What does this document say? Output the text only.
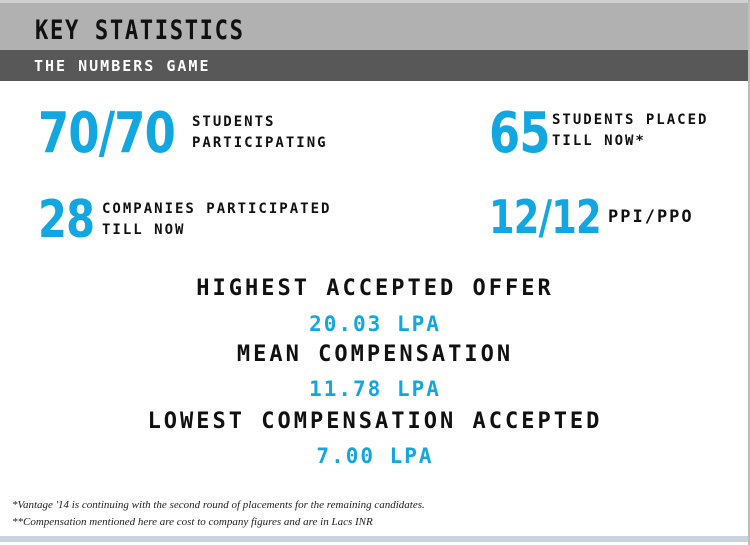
KEY STATISTICS
THE NUMBERS GAME
70/70 STUDENTS
PARTICIPATING	65 STUDENTS PLACED
TILL NOW*
28 COMPANIES PARTICIPATED
TILL NOW	12/12 PPI/PPO
HIGHEST ACCEPTED OFFER
20.03 LPA
MEAN COMPENSATION
11.78 LPA
LOWEST COMPENSATION ACCEPTED
7.00 LPA
*Vantage '14 is continuing with the second round of placements for the remaining candidates.
**Compensation mentioned here are cost to company figures and are in Lacs INR
